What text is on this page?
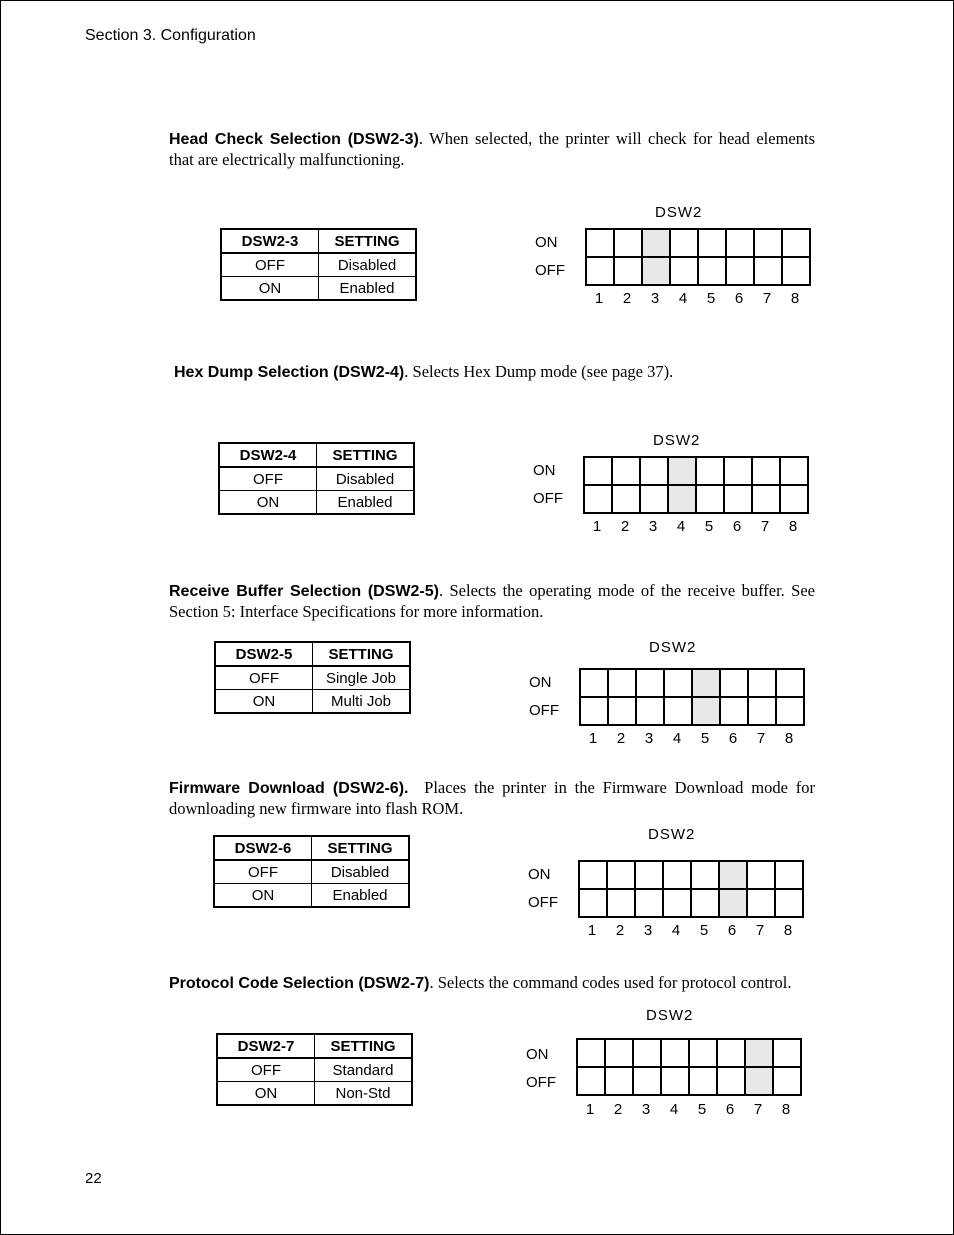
Section 3. Configuration
Head Check Selection (DSW2-3). When selected, the printer will check for head elements that are electrically malfunctioning.
DSW2-3	SETTING
OFF	Disabled
ON	Enabled
DSW2
ON
OFF
1	2	3	4	5	6	7	8
Hex Dump Selection (DSW2-4). Selects Hex Dump mode (see page 37).
DSW2-4	SETTING
OFF	Disabled
ON	Enabled
DSW2
ON
OFF
1	2	3	4	5	6	7	8
Receive Buffer Selection (DSW2-5). Selects the operating mode of the receive buffer. See Section 5: Interface Specifications for more information.
DSW2-5	SETTING
OFF	Single Job
ON	Multi Job
DSW2
ON
OFF
1	2	3	4	5	6	7	8
Firmware Download (DSW2-6).  Places the printer in the Firmware Download mode for downloading new firmware into flash ROM.
DSW2-6	SETTING
OFF	Disabled
ON	Enabled
DSW2
ON
OFF
1	2	3	4	5	6	7	8
Protocol Code Selection (DSW2-7). Selects the command codes used for protocol control.
DSW2-7	SETTING
OFF	Standard
ON	Non-Std
DSW2
ON
OFF
1	2	3	4	5	6	7	8
22
